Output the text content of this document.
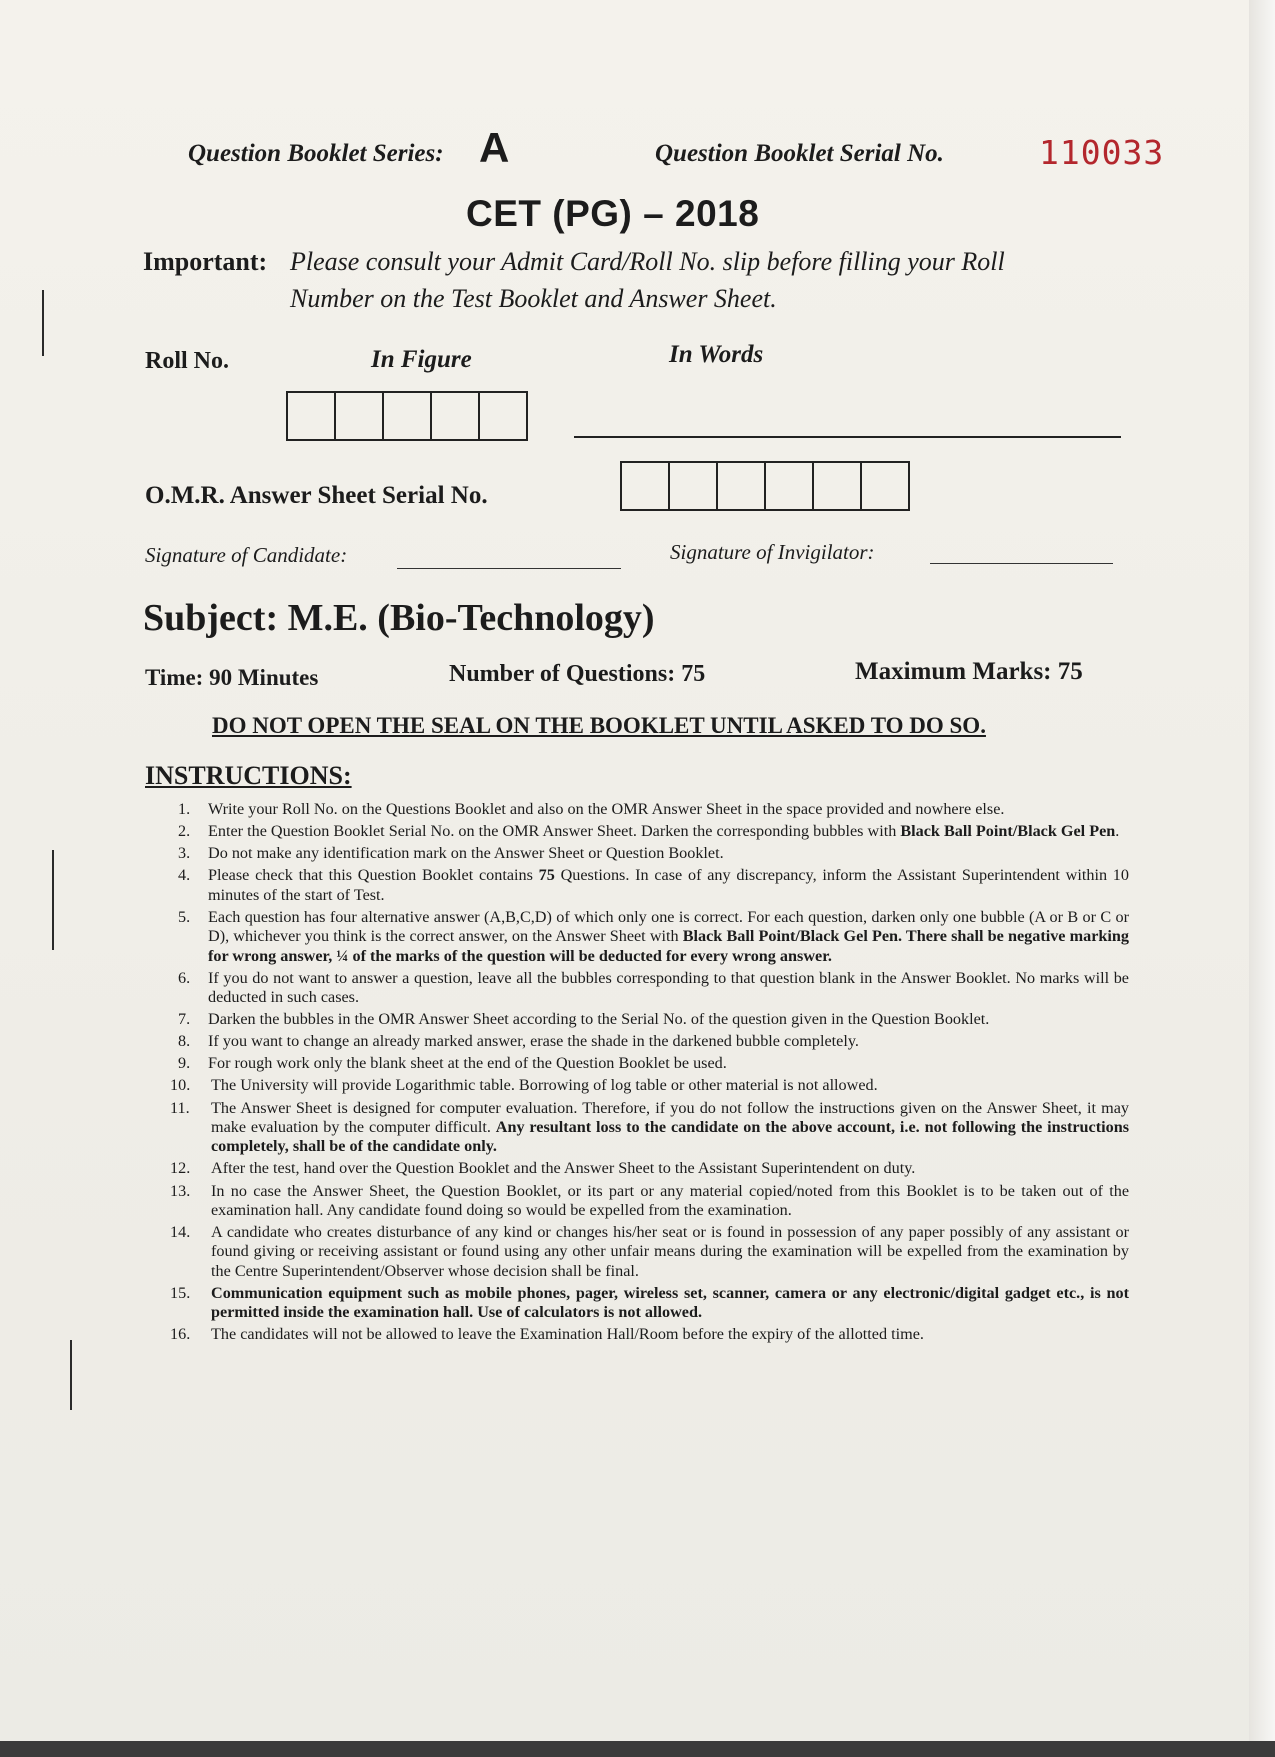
Question Booklet Series: A	Question Booklet Serial No.	110033
CET (PG) – 2018
Important: Please consult your Admit Card/Roll No. slip before filling your Roll
Number on the Test Booklet and Answer Sheet.
Roll No.	In Figure	In Words
O.M.R. Answer Sheet Serial No.
Signature of Candidate:	Signature of Invigilator:
Subject: M.E. (Bio-Technology)
Time: 90 Minutes	Number of Questions: 75	Maximum Marks: 75
DO NOT OPEN THE SEAL ON THE BOOKLET UNTIL ASKED TO DO SO.
INSTRUCTIONS:
1. Write your Roll No. on the Questions Booklet and also on the OMR Answer Sheet in the space provided and nowhere else.
2. Enter the Question Booklet Serial No. on the OMR Answer Sheet. Darken the corresponding bubbles with Black Ball Point/Black Gel Pen.
3. Do not make any identification mark on the Answer Sheet or Question Booklet.
4. Please check that this Question Booklet contains 75 Questions. In case of any discrepancy, inform the Assistant Superintendent within 10 minutes of the start of Test.
5. Each question has four alternative answer (A,B,C,D) of which only one is correct. For each question, darken only one bubble (A or B or C or D), whichever you think is the correct answer, on the Answer Sheet with Black Ball Point/Black Gel Pen. There shall be negative marking for wrong answer, ¼ of the marks of the question will be deducted for every wrong answer.
6. If you do not want to answer a question, leave all the bubbles corresponding to that question blank in the Answer Booklet. No marks will be deducted in such cases.
7. Darken the bubbles in the OMR Answer Sheet according to the Serial No. of the question given in the Question Booklet.
8. If you want to change an already marked answer, erase the shade in the darkened bubble completely.
9. For rough work only the blank sheet at the end of the Question Booklet be used.
10. The University will provide Logarithmic table. Borrowing of log table or other material is not allowed.
11. The Answer Sheet is designed for computer evaluation. Therefore, if you do not follow the instructions given on the Answer Sheet, it may make evaluation by the computer difficult. Any resultant loss to the candidate on the above account, i.e. not following the instructions completely, shall be of the candidate only.
12. After the test, hand over the Question Booklet and the Answer Sheet to the Assistant Superintendent on duty.
13. In no case the Answer Sheet, the Question Booklet, or its part or any material copied/noted from this Booklet is to be taken out of the examination hall. Any candidate found doing so would be expelled from the examination.
14. A candidate who creates disturbance of any kind or changes his/her seat or is found in possession of any paper possibly of any assistant or found giving or receiving assistant or found using any other unfair means during the examination will be expelled from the examination by the Centre Superintendent/Observer whose decision shall be final.
15. Communication equipment such as mobile phones, pager, wireless set, scanner, camera or any electronic/digital gadget etc., is not permitted inside the examination hall. Use of calculators is not allowed.
16. The candidates will not be allowed to leave the Examination Hall/Room before the expiry of the allotted time.
